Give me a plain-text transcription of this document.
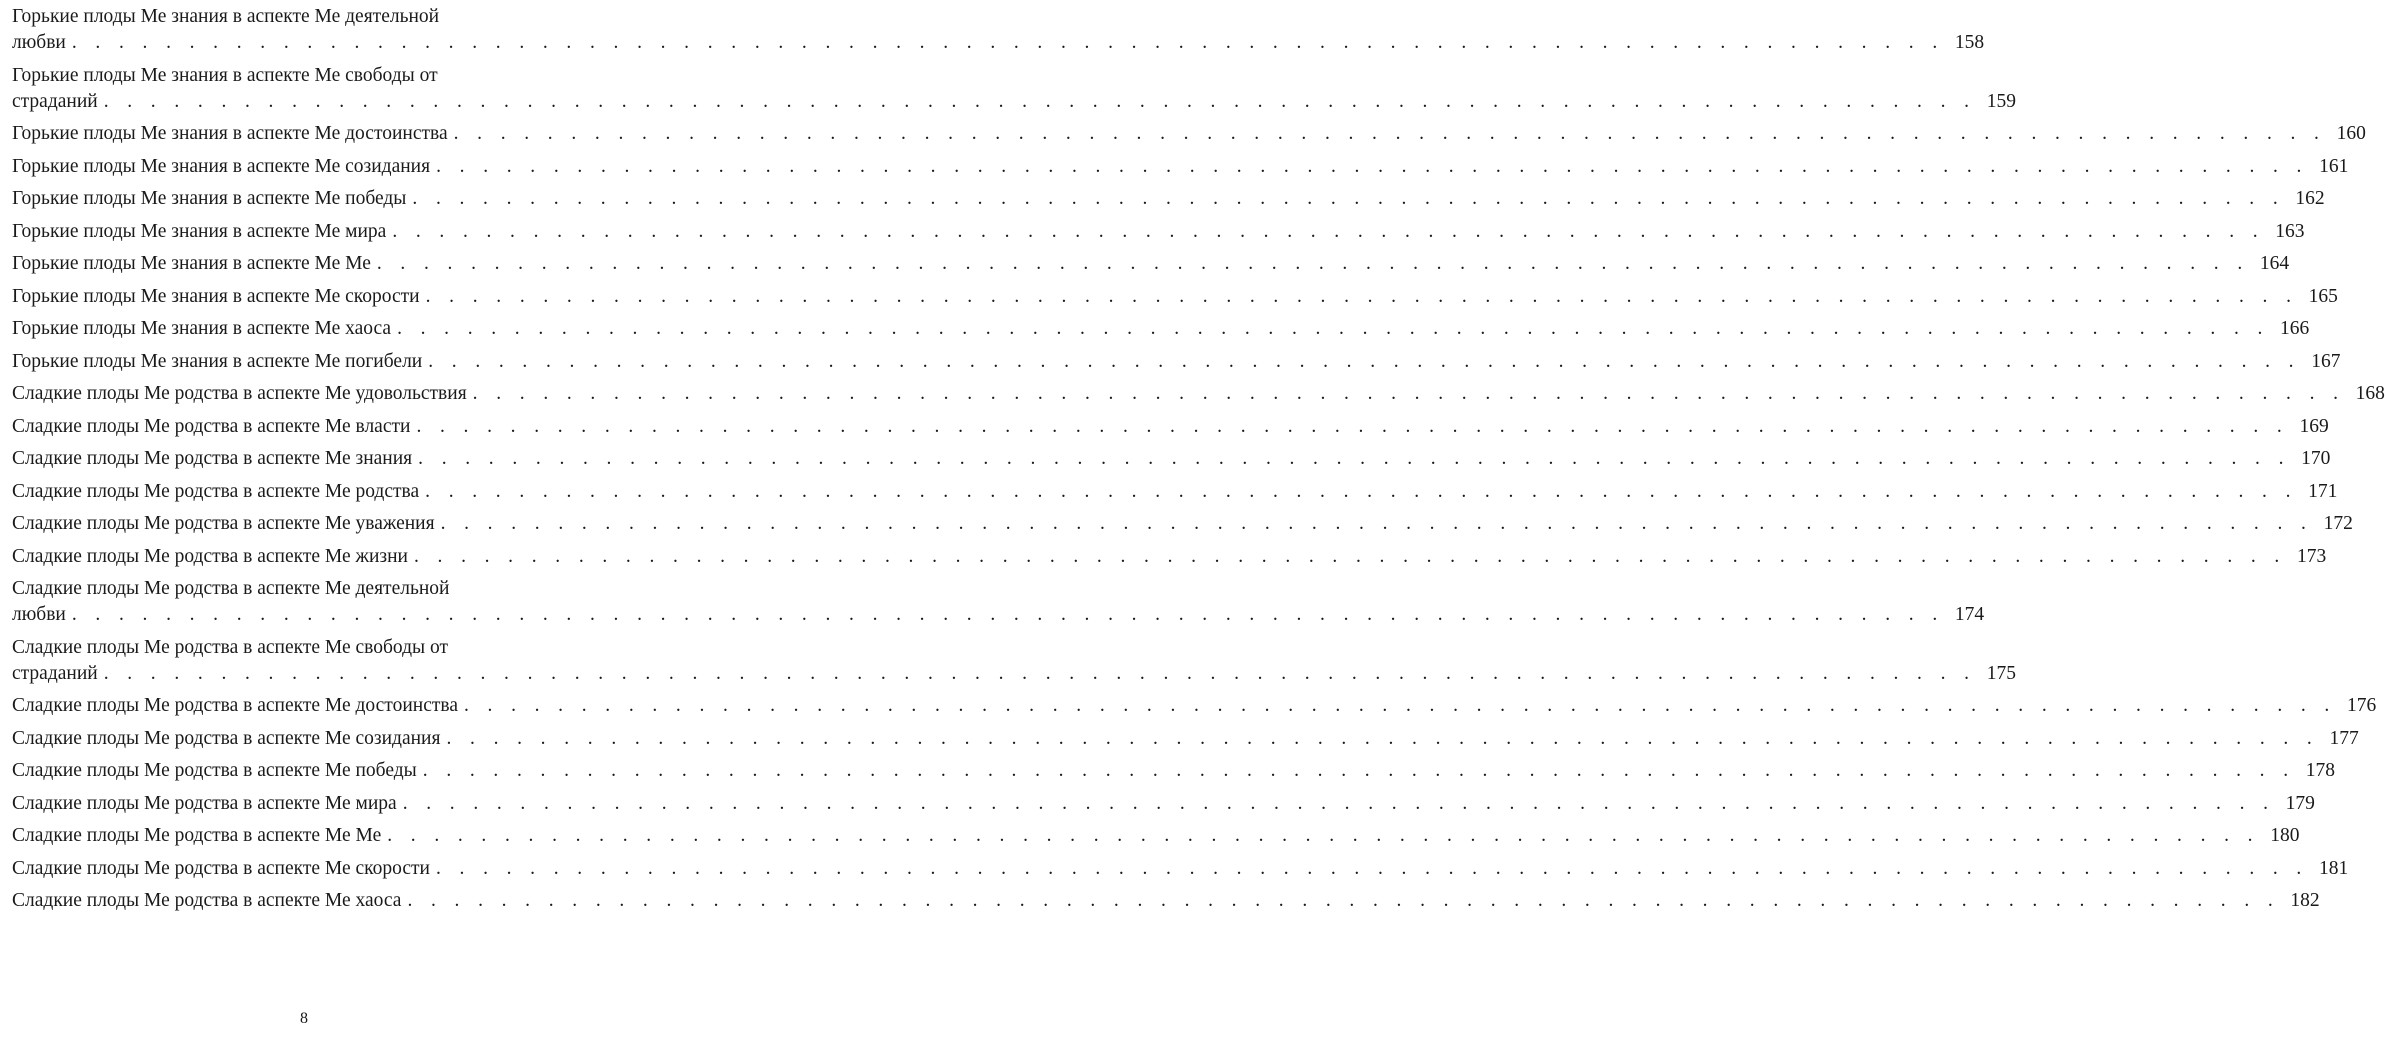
Горькие плоды Ме знания в аспекте Ме деятельной
любви . . . . . . . . . . . . . . . . . . . . . . . . . . . . . . . . . . . . . . . . . . . . . . . . . . . . . . . . . . . . . . . . . . . . . . . . . . . . . . . . 158
Горькие плоды Ме знания в аспекте Ме свободы от
страданий . . . . . . . . . . . . . . . . . . . . . . . . . . . . . . . . . . . . . . . . . . . . . . . . . . . . . . . . . . . . . . . . . . . . . . . . . . . . . . . . 159
Горькие плоды Ме знания в аспекте Ме достоинства . . . . . . . . . . . . . . . . . . . . . . . . . . . . . . . . . . . . . . . . . . . . . . . . . . . . . . . . . . . . . . . . . . . . . . . . . . . . . . . . 160
Горькие плоды Ме знания в аспекте Ме созидания . . . . . . . . . . . . . . . . . . . . . . . . . . . . . . . . . . . . . . . . . . . . . . . . . . . . . . . . . . . . . . . . . . . . . . . . . . . . . . . . 161
Горькие плоды Ме знания в аспекте Ме победы . . . . . . . . . . . . . . . . . . . . . . . . . . . . . . . . . . . . . . . . . . . . . . . . . . . . . . . . . . . . . . . . . . . . . . . . . . . . . . . . 162
Горькие плоды Ме знания в аспекте Ме мира . . . . . . . . . . . . . . . . . . . . . . . . . . . . . . . . . . . . . . . . . . . . . . . . . . . . . . . . . . . . . . . . . . . . . . . . . . . . . . . . 163
Горькие плоды Ме знания в аспекте Ме Ме . . . . . . . . . . . . . . . . . . . . . . . . . . . . . . . . . . . . . . . . . . . . . . . . . . . . . . . . . . . . . . . . . . . . . . . . . . . . . . . . 164
Горькие плоды Ме знания в аспекте Ме скорости . . . . . . . . . . . . . . . . . . . . . . . . . . . . . . . . . . . . . . . . . . . . . . . . . . . . . . . . . . . . . . . . . . . . . . . . . . . . . . . . 165
Горькие плоды Ме знания в аспекте Ме хаоса . . . . . . . . . . . . . . . . . . . . . . . . . . . . . . . . . . . . . . . . . . . . . . . . . . . . . . . . . . . . . . . . . . . . . . . . . . . . . . . . 166
Горькие плоды Ме знания в аспекте Ме погибели . . . . . . . . . . . . . . . . . . . . . . . . . . . . . . . . . . . . . . . . . . . . . . . . . . . . . . . . . . . . . . . . . . . . . . . . . . . . . . . . 167
Сладкие плоды Ме родства в аспекте Ме удовольствия . . . . . . . . . . . . . . . . . . . . . . . . . . . . . . . . . . . . . . . . . . . . . . . . . . . . . . . . . . . . . . . . . . . . . . . . . . . . . . . . 168
Сладкие плоды Ме родства в аспекте Ме власти . . . . . . . . . . . . . . . . . . . . . . . . . . . . . . . . . . . . . . . . . . . . . . . . . . . . . . . . . . . . . . . . . . . . . . . . . . . . . . . . 169
Сладкие плоды Ме родства в аспекте Ме знания . . . . . . . . . . . . . . . . . . . . . . . . . . . . . . . . . . . . . . . . . . . . . . . . . . . . . . . . . . . . . . . . . . . . . . . . . . . . . . . . 170
Сладкие плоды Ме родства в аспекте Ме родства . . . . . . . . . . . . . . . . . . . . . . . . . . . . . . . . . . . . . . . . . . . . . . . . . . . . . . . . . . . . . . . . . . . . . . . . . . . . . . . . 171
Сладкие плоды Ме родства в аспекте Ме уважения . . . . . . . . . . . . . . . . . . . . . . . . . . . . . . . . . . . . . . . . . . . . . . . . . . . . . . . . . . . . . . . . . . . . . . . . . . . . . . . . 172
Сладкие плоды Ме родства в аспекте Ме жизни . . . . . . . . . . . . . . . . . . . . . . . . . . . . . . . . . . . . . . . . . . . . . . . . . . . . . . . . . . . . . . . . . . . . . . . . . . . . . . . . 173
Сладкие плоды Ме родства в аспекте Ме деятельной
любви . . . . . . . . . . . . . . . . . . . . . . . . . . . . . . . . . . . . . . . . . . . . . . . . . . . . . . . . . . . . . . . . . . . . . . . . . . . . . . . . 174
Сладкие плоды Ме родства в аспекте Ме свободы от
страданий . . . . . . . . . . . . . . . . . . . . . . . . . . . . . . . . . . . . . . . . . . . . . . . . . . . . . . . . . . . . . . . . . . . . . . . . . . . . . . . . 175
Сладкие плоды Ме родства в аспекте Ме достоинства . . . . . . . . . . . . . . . . . . . . . . . . . . . . . . . . . . . . . . . . . . . . . . . . . . . . . . . . . . . . . . . . . . . . . . . . . . . . . . . . 176
Сладкие плоды Ме родства в аспекте Ме созидания . . . . . . . . . . . . . . . . . . . . . . . . . . . . . . . . . . . . . . . . . . . . . . . . . . . . . . . . . . . . . . . . . . . . . . . . . . . . . . . . 177
Сладкие плоды Ме родства в аспекте Ме победы . . . . . . . . . . . . . . . . . . . . . . . . . . . . . . . . . . . . . . . . . . . . . . . . . . . . . . . . . . . . . . . . . . . . . . . . . . . . . . . . 178
Сладкие плоды Ме родства в аспекте Ме мира . . . . . . . . . . . . . . . . . . . . . . . . . . . . . . . . . . . . . . . . . . . . . . . . . . . . . . . . . . . . . . . . . . . . . . . . . . . . . . . . 179
Сладкие плоды Ме родства в аспекте Ме Ме . . . . . . . . . . . . . . . . . . . . . . . . . . . . . . . . . . . . . . . . . . . . . . . . . . . . . . . . . . . . . . . . . . . . . . . . . . . . . . . . 180
Сладкие плоды Ме родства в аспекте Ме скорости . . . . . . . . . . . . . . . . . . . . . . . . . . . . . . . . . . . . . . . . . . . . . . . . . . . . . . . . . . . . . . . . . . . . . . . . . . . . . . . . 181
Сладкие плоды Ме родства в аспекте Ме хаоса . . . . . . . . . . . . . . . . . . . . . . . . . . . . . . . . . . . . . . . . . . . . . . . . . . . . . . . . . . . . . . . . . . . . . . . . . . . . . . . . 182
8
